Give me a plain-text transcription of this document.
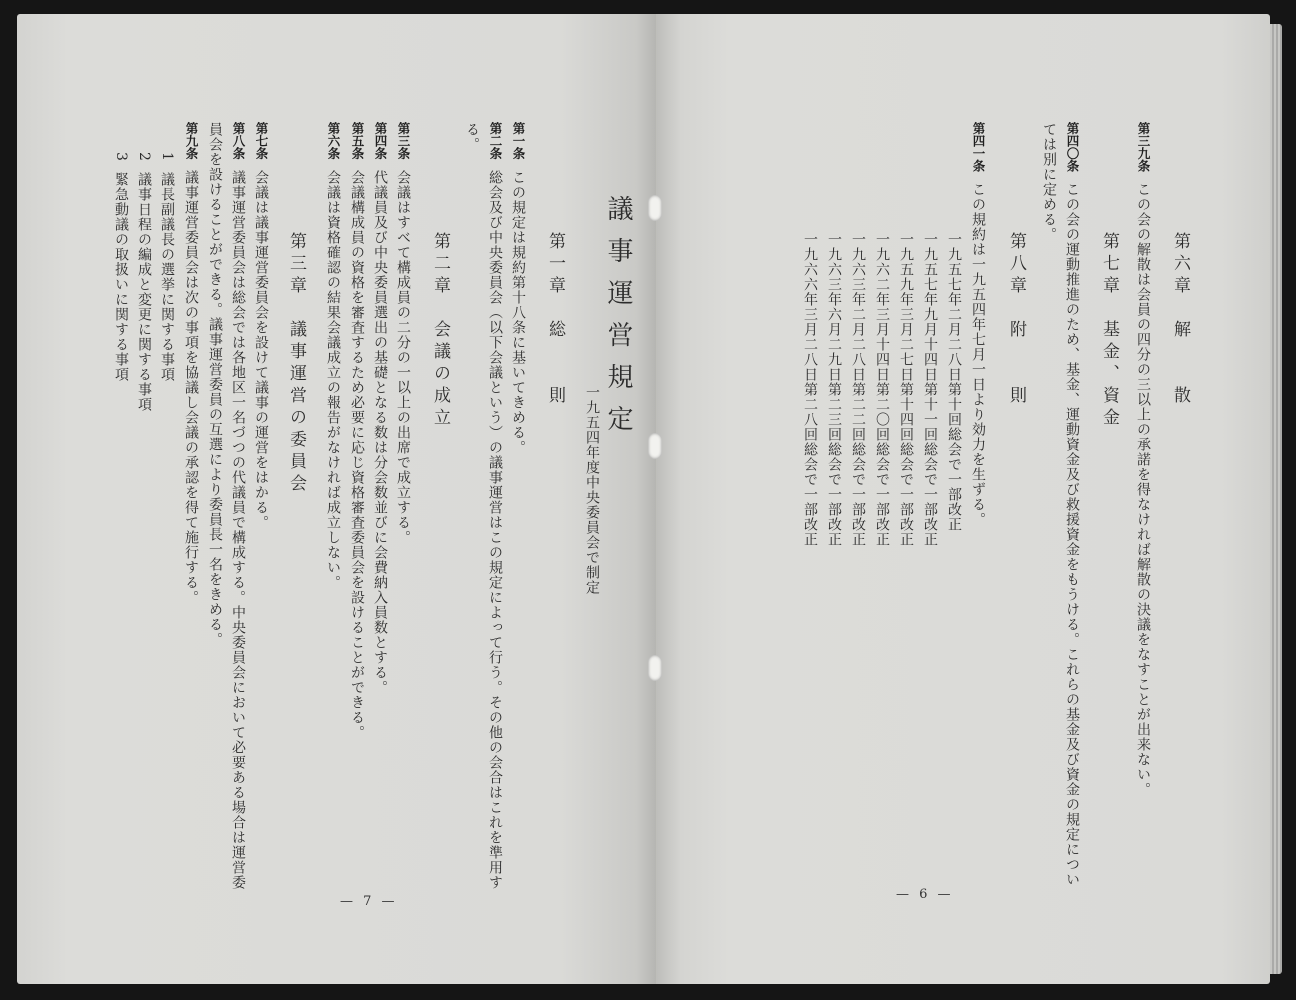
議事運営規定
一九五四年度中央委員会で制定
第一章　総　　則
第一条この規定は規約第十八条に基いてきめる。
第二条総会及び中央委員会（以下会議という）の議事運営はこの規定によって行う。その他の会合はこれを準用す
る。
第二章　会議の成立
第三条会議はすべて構成員の二分の一以上の出席で成立する。
第四条代議員及び中央委員選出の基礎となる数は分会数並びに会費納入員数とする。
第五条会議構成員の資格を審査するため必要に応じ資格審査委員会を設けることができる。
第六条会議は資格確認の結果会議成立の報告がなければ成立しない。
第三章　議事運営の委員会
第七条会議は議事運営委員会を設けて議事の運営をはかる。
第八条議事運営委員会は総会では各地区一名づつの代議員で構成する。中央委員会において必要ある場合は運営委
員会を設けることができる。議事運営委員の互選により委員長一名をきめる。
第九条議事運営委員会は次の事項を協議し会議の承認を得て施行する。
1議長副議長の選挙に関する事項
2議事日程の編成と変更に関する事項
3緊急動議の取扱いに関する事項
— 7 —
第六章　解　　散
第三九条この会の解散は会員の四分の三以上の承諾を得なければ解散の決議をなすことが出来ない。
第七章　基金、資金
第四〇条この会の運動推進のため、基金、運動資金及び救援資金をもうける。これらの基金及び資金の規定につい
ては別に定める。
第八章　附　　則
第四一条この規約は一九五四年七月一日より効力を生ずる。
一九五七年二月二八日第十回総会で一部改正
一九五七年九月十四日第十一回総会で一部改正
一九五九年三月二七日第十四回総会で一部改正
一九六二年三月十四日第二〇回総会で一部改正
一九六三年二月二八日第二二回総会で一部改正
一九六三年六月二九日第二三回総会で一部改正
一九六六年三月二八日第二八回総会で一部改正
— 6 —
